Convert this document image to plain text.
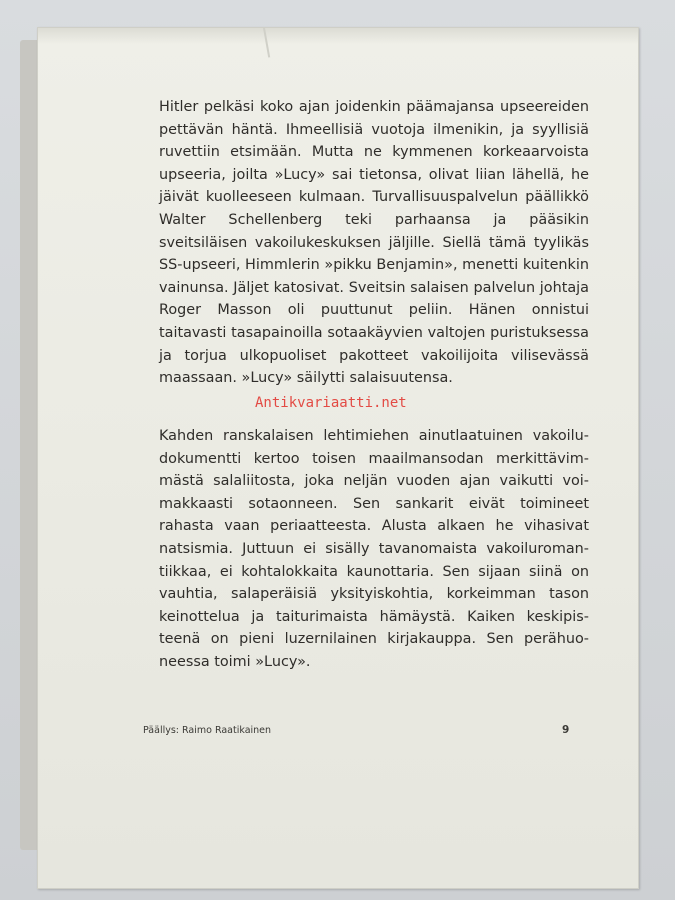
Hitler pelkäsi koko ajan joidenkin päämajansa upseereiden pettävän häntä. Ihmeellisiä vuotoja ilmenikin, ja syyllisiä ruvettiin etsimään. Mutta ne kymmenen korkeaarvoista upseeria, joilta »Lucy» sai tietonsa, olivat liian lähellä, he jäivät kuolleeseen kulmaan. Turvallisuuspalvelun päällikkö Walter Schellenberg teki parhaansa ja pääsikin sveitsiläisen vakoilukeskuksen jäljille. Siellä tämä tyylikäs SS-upseeri, Himmlerin »pikku Benjamin», menetti kuitenkin vainunsa. Jäljet katosivat. Sveitsin salaisen palvelun johtaja Roger Masson oli puuttunut peliin. Hänen onnistui taitavasti tasapainoilla sotaakäyvien valtojen puristuksessa ja torjua ulkopuoliset pakotteet vakoilijoita vilisevässä maassaan. »Lucy» säilytti salaisuutensa.

Antikvariaatti.net

Kahden ranskalaisen lehtimiehen ainutlaatuinen vakoiludokumentti kertoo toisen maailmansodan merkittävimmästä salaliitosta, joka neljän vuoden ajan vaikutti voimakkaasti sotaonneen. Sen sankarit eivät toimineet rahasta vaan periaatteesta. Alusta alkaen he vihasivat natsismia. Juttuun ei sisälly tavanomaista vakoiluromantiikkaa, ei kohtalokkaita kaunottaria. Sen sijaan siinä on vauhtia, salaperäisiä yksityiskohtia, korkeimman tason keinottelua ja taiturimaista hämäystä. Kaiken keskipisteenä on pieni luzernilainen kirjakauppa. Sen perähuoneessa toimi »Lucy».

Päällys: Raimo Raatikainen	9
